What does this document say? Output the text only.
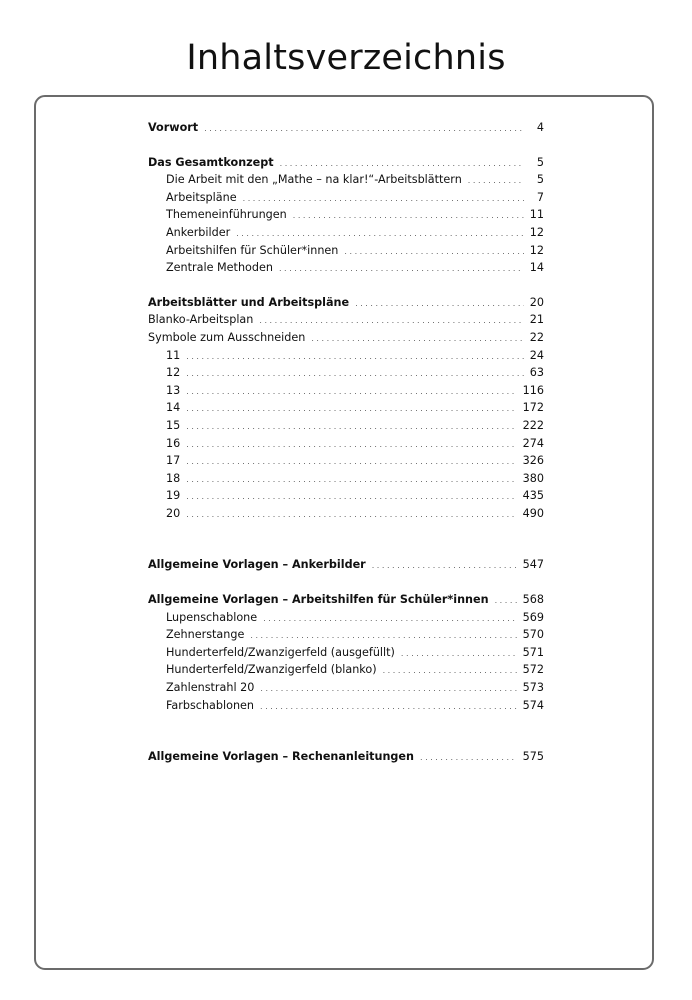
Inhaltsverzeichnis
Vorwort . . .	4
Das Gesamtkonzept . . .	5
Die Arbeit mit den „Mathe – na klar!“-Arbeitsblättern . . .	5
Arbeitspläne . . .	7
Themeneinführungen . . .	11
Ankerbilder . . .	12
Arbeitshilfen für Schüler*innen . . .	12
Zentrale Methoden . . .	14
Arbeitsblätter und Arbeitspläne . . .	20
Blanko-Arbeitsplan . . .	21
Symbole zum Ausschneiden . . .	22
11 . . .	24
12 . . .	63
13 . . .	116
14 . . .	172
15 . . .	222
16 . . .	274
17 . . .	326
18 . . .	380
19 . . .	435
20 . . .	490
Allgemeine Vorlagen – Ankerbilder . . .	547
Allgemeine Vorlagen – Arbeitshilfen für Schüler*innen . . .	568
Lupenschablone . . .	569
Zehnerstange . . .	570
Hunderterfeld/Zwanzigerfeld (ausgefüllt) . . .	571
Hunderterfeld/Zwanzigerfeld (blanko) . . .	572
Zahlenstrahl 20 . . .	573
Farbschablonen . . .	574
Allgemeine Vorlagen – Rechenanleitungen . . .	575
